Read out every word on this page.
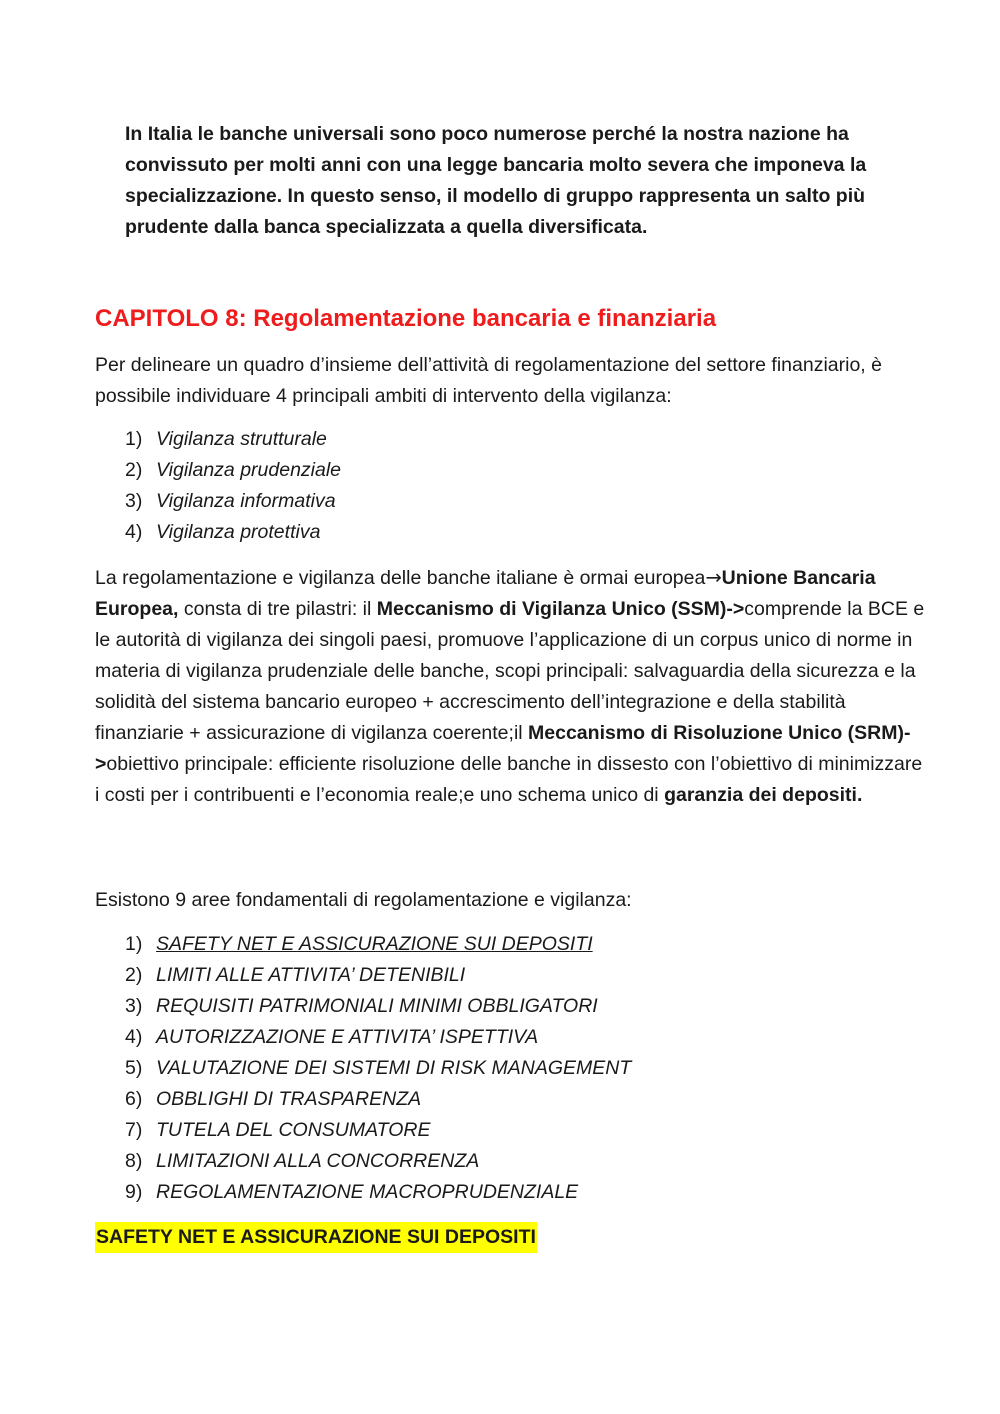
In Italia le banche universali sono poco numerose perché la nostra nazione ha convissuto per molti anni con una legge bancaria molto severa che imponeva la specializzazione. In questo senso, il modello di gruppo rappresenta un salto più prudente dalla banca specializzata a quella diversificata.

CAPITOLO 8: Regolamentazione bancaria e finanziaria

Per delineare un quadro d’insieme dell’attività di regolamentazione del settore finanziario, è possibile individuare 4 principali ambiti di intervento della vigilanza:

1) Vigilanza strutturale
2) Vigilanza prudenziale
3) Vigilanza informativa
4) Vigilanza protettiva

La regolamentazione e vigilanza delle banche italiane è ormai europea→Unione Bancaria Europea, consta di tre pilastri: il Meccanismo di Vigilanza Unico (SSM)->comprende la BCE e le autorità di vigilanza dei singoli paesi, promuove l’applicazione di un corpus unico di norme in materia di vigilanza prudenziale delle banche, scopi principali: salvaguardia della sicurezza e la solidità del sistema bancario europeo + accrescimento dell’integrazione e della stabilità finanziarie + assicurazione di vigilanza coerente;il Meccanismo di Risoluzione Unico (SRM)->obiettivo principale: efficiente risoluzione delle banche in dissesto con l’obiettivo di minimizzare i costi per i contribuenti e l’economia reale;e uno schema unico di garanzia dei depositi.

Esistono 9 aree fondamentali di regolamentazione e vigilanza:

1) SAFETY NET E ASSICURAZIONE SUI DEPOSITI
2) LIMITI ALLE ATTIVITA’ DETENIBILI
3) REQUISITI PATRIMONIALI MINIMI OBBLIGATORI
4) AUTORIZZAZIONE E ATTIVITA’ ISPETTIVA
5) VALUTAZIONE DEI SISTEMI DI RISK MANAGEMENT
6) OBBLIGHI DI TRASPARENZA
7) TUTELA DEL CONSUMATORE
8) LIMITAZIONI ALLA CONCORRENZA
9) REGOLAMENTAZIONE MACROPRUDENZIALE

SAFETY NET E ASSICURAZIONE SUI DEPOSITI
